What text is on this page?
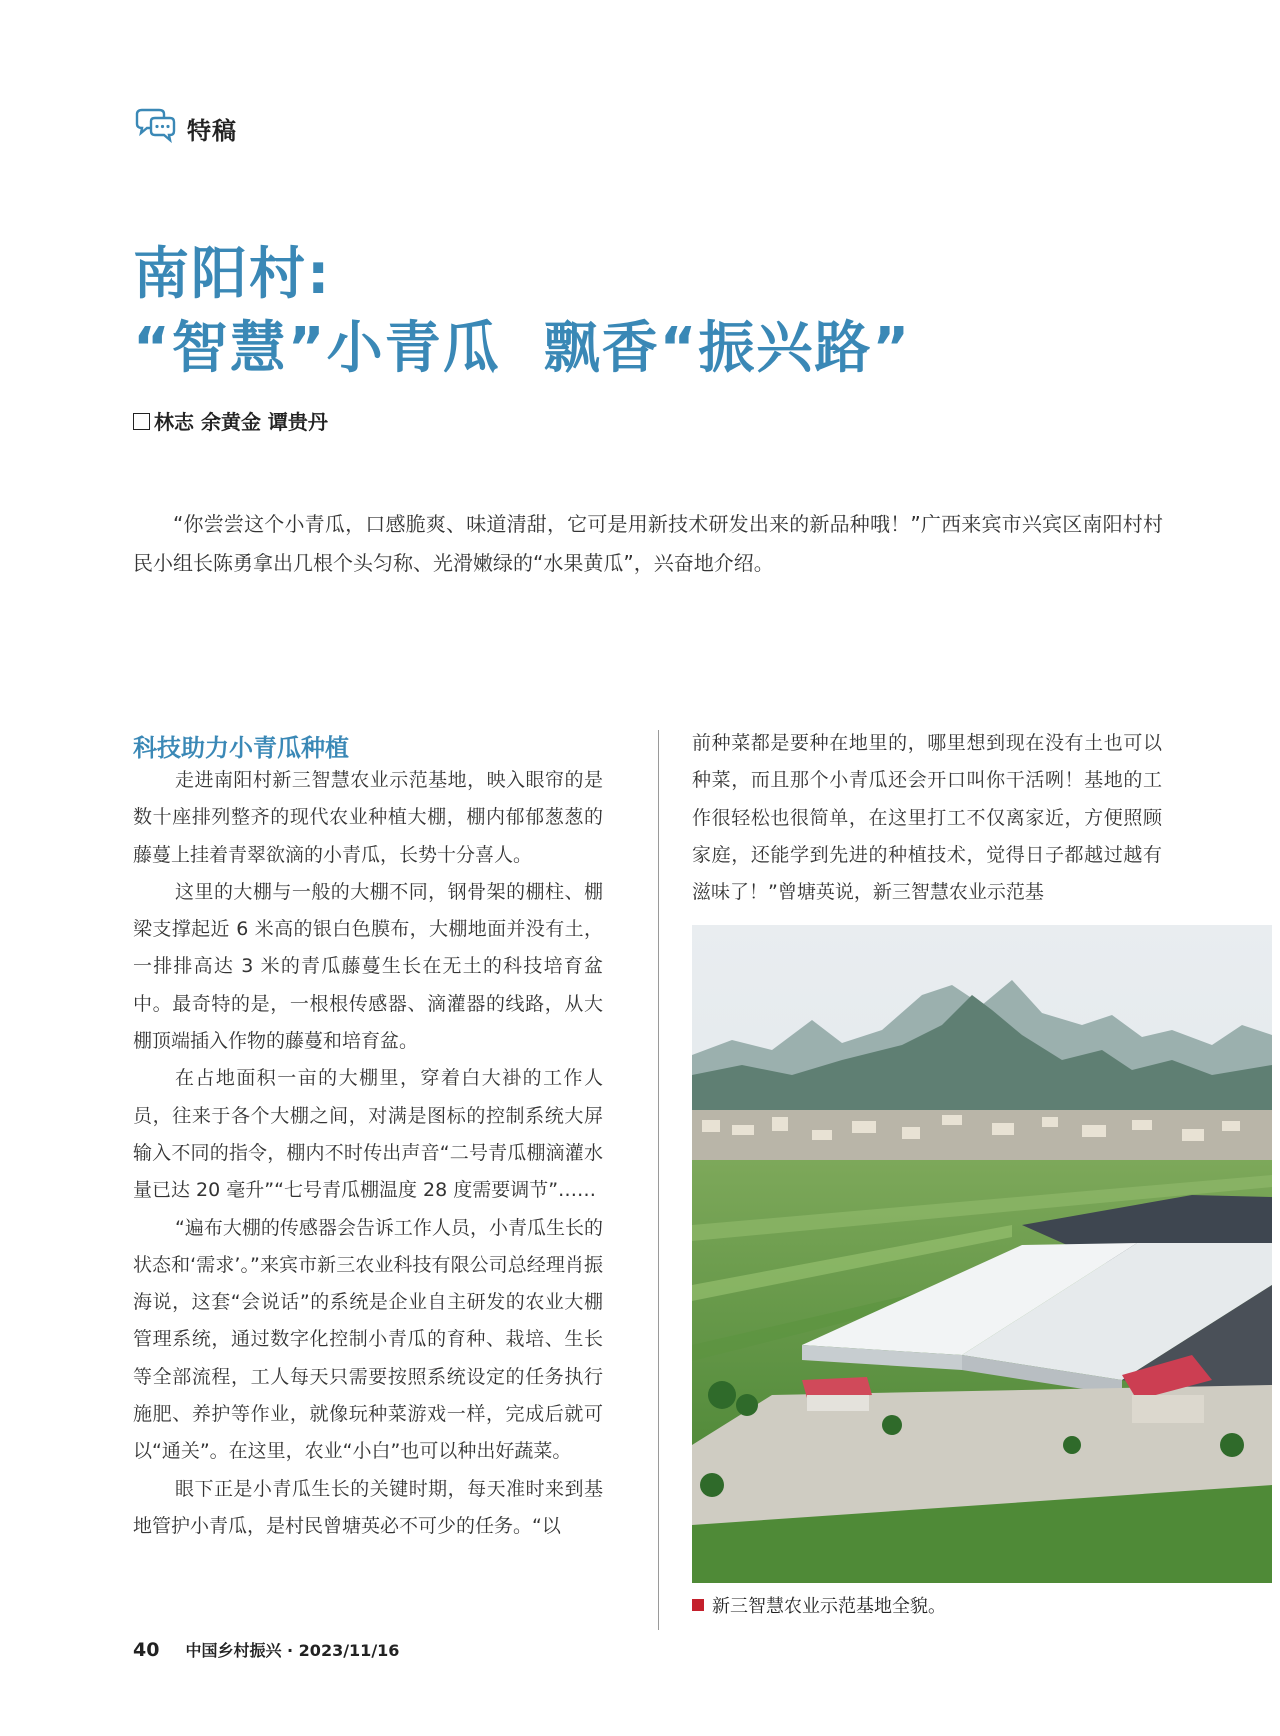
特稿
南阳村:
“智慧”小青瓜  飘香“振兴路”
林志 余黄金 谭贵丹

“你尝尝这个小青瓜，口感脆爽、味道清甜，它可是用新技术研发出来的新品种哦！”广西来宾市兴宾区南阳村村民小组长陈勇拿出几根个头匀称、光滑嫩绿的“水果黄瓜”，兴奋地介绍。

科技助力小青瓜种植

走进南阳村新三智慧农业示范基地，映入眼帘的是数十座排列整齐的现代农业种植大棚，棚内郁郁葱葱的藤蔓上挂着青翠欲滴的小青瓜，长势十分喜人。

这里的大棚与一般的大棚不同，钢骨架的棚柱、棚梁支撑起近 6 米高的银白色膜布，大棚地面并没有土，一排排高达 3 米的青瓜藤蔓生长在无土的科技培育盆中。最奇特的是，一根根传感器、滴灌器的线路，从大棚顶端插入作物的藤蔓和培育盆。

在占地面积一亩的大棚里，穿着白大褂的工作人员，往来于各个大棚之间，对满是图标的控制系统大屏输入不同的指令，棚内不时传出声音“二号青瓜棚滴灌水量已达 20 毫升”“七号青瓜棚温度 28 度需要调节”……

“遍布大棚的传感器会告诉工作人员，小青瓜生长的状态和‘需求’。”来宾市新三农业科技有限公司总经理肖振海说，这套“会说话”的系统是企业自主研发的农业大棚管理系统，通过数字化控制小青瓜的育种、栽培、生长等全部流程，工人每天只需要按照系统设定的任务执行施肥、养护等作业，就像玩种菜游戏一样，完成后就可以“通关”。在这里，农业“小白”也可以种出好蔬菜。

眼下正是小青瓜生长的关键时期，每天准时来到基地管护小青瓜，是村民曾塘英必不可少的任务。“以

前种菜都是要种在地里的，哪里想到现在没有土也可以种菜，而且那个小青瓜还会开口叫你干活咧！基地的工作很轻松也很简单，在这里打工不仅离家近，方便照顾家庭，还能学到先进的种植技术，觉得日子都越过越有滋味了！”曾塘英说，新三智慧农业示范基

新三智慧农业示范基地全貌。
40 中国乡村振兴 · 2023/11/16
